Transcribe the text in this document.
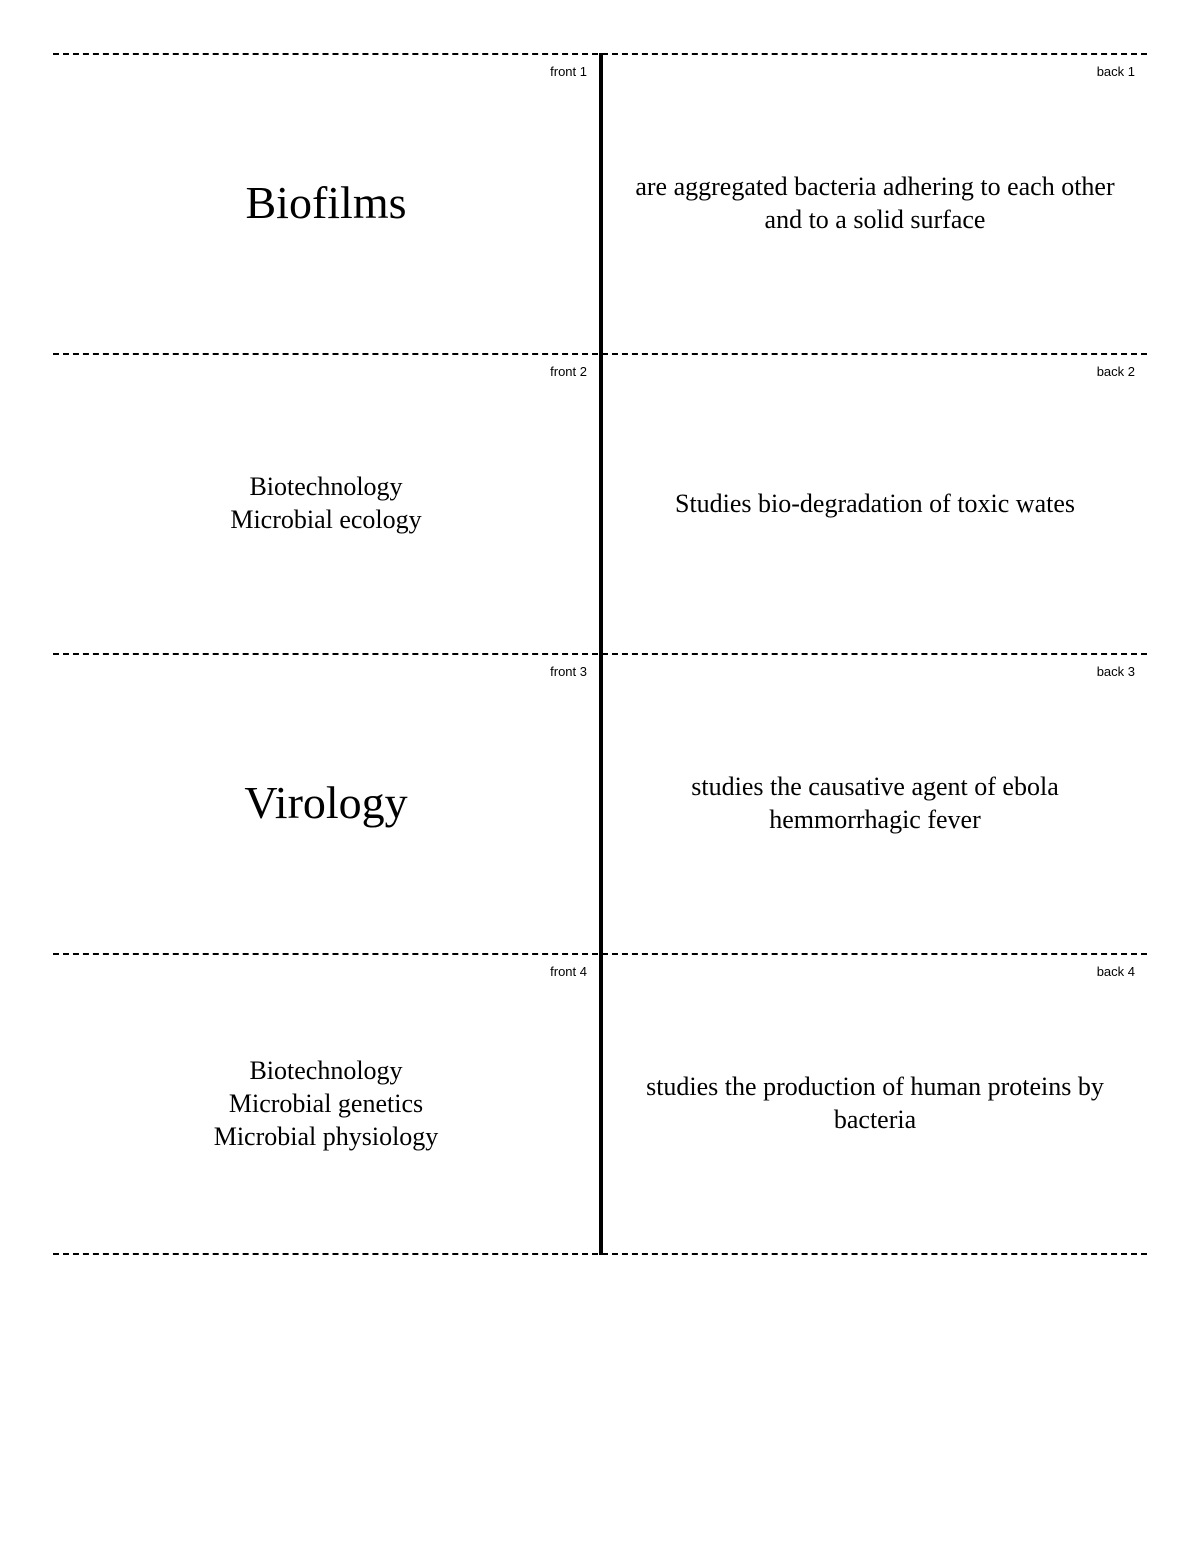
front 1
Biofilms
back 1
are aggregated bacteria adhering to each other and to a solid surface
front 2
Biotechnology
Microbial ecology
back 2
Studies bio-degradation of toxic wates
front 3
Virology
back 3
studies the causative agent of ebola hemmorrhagic fever
front 4
Biotechnology
Microbial genetics
Microbial physiology
back 4
studies the production of human proteins by bacteria
